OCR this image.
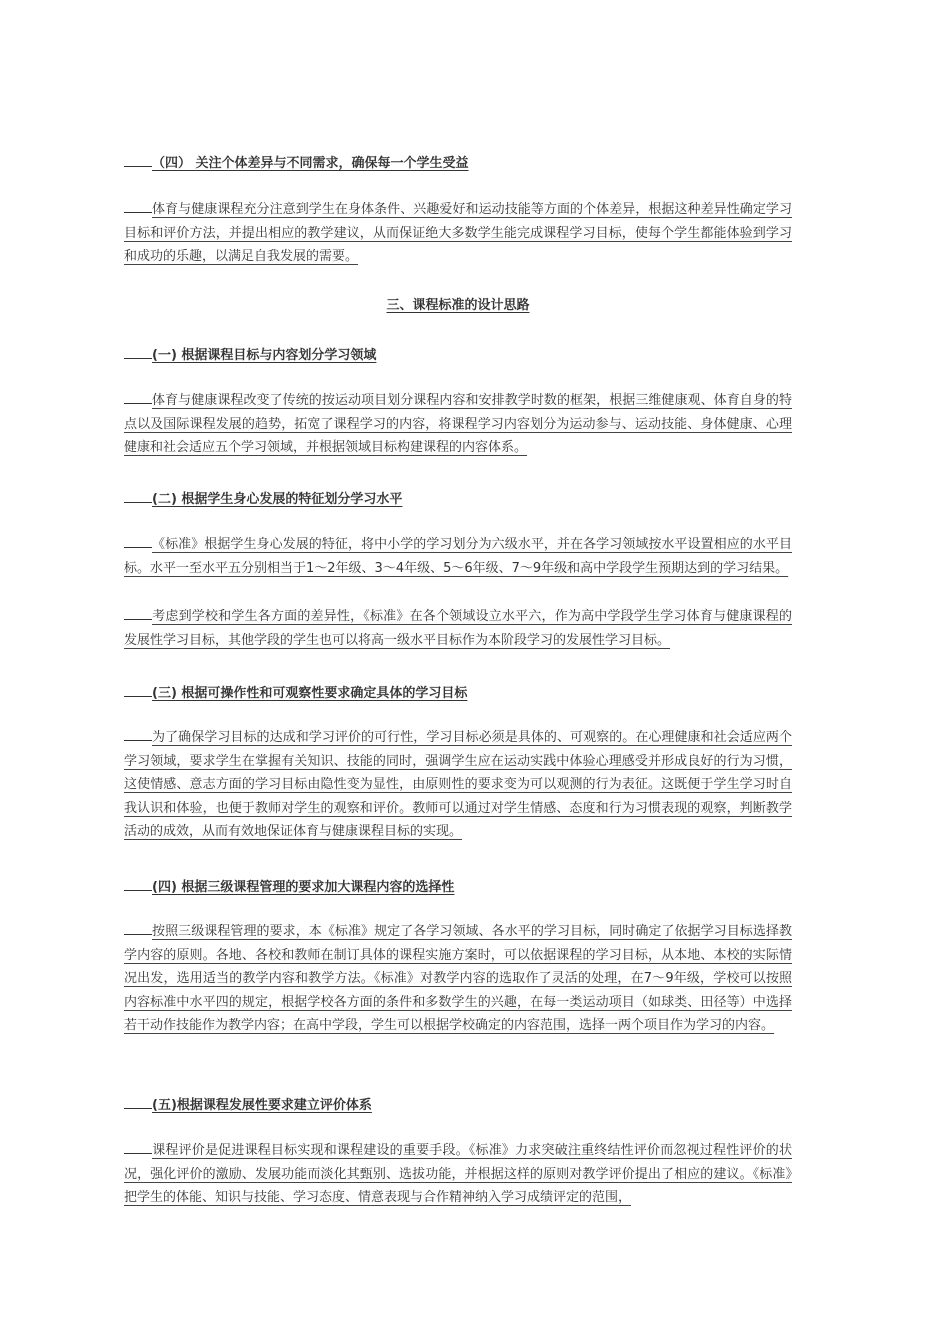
（四） 关注个体差异与不同需求，确保每一个学生受益
体育与健康课程充分注意到学生在身体条件、兴趣爱好和运动技能等方面的个体差异，根据这种差异性确定学习目标和评价方法，并提出相应的教学建议，从而保证绝大多数学生能完成课程学习目标，使每个学生都能体验到学习和成功的乐趣，以满足自我发展的需要。
三、课程标准的设计思路
(一) 根据课程目标与内容划分学习领域
体育与健康课程改变了传统的按运动项目划分课程内容和安排教学时数的框架，根据三维健康观、体育自身的特点以及国际课程发展的趋势，拓宽了课程学习的内容，将课程学习内容划分为运动参与、运动技能、身体健康、心理健康和社会适应五个学习领域，并根据领域目标构建课程的内容体系。
(二) 根据学生身心发展的特征划分学习水平
《标准》根据学生身心发展的特征，将中小学的学习划分为六级水平，并在各学习领域按水平设置相应的水平目标。水平一至水平五分别相当于1～2年级、3～4年级、5～6年级、7～9年级和高中学段学生预期达到的学习结果。
考虑到学校和学生各方面的差异性，《标准》在各个领域设立水平六，作为高中学段学生学习体育与健康课程的发展性学习目标，其他学段的学生也可以将高一级水平目标作为本阶段学习的发展性学习目标。
(三) 根据可操作性和可观察性要求确定具体的学习目标
为了确保学习目标的达成和学习评价的可行性，学习目标必须是具体的、可观察的。在心理健康和社会适应两个学习领域，要求学生在掌握有关知识、技能的同时，强调学生应在运动实践中体验心理感受并形成良好的行为习惯，这使情感、意志方面的学习目标由隐性变为显性，由原则性的要求变为可以观测的行为表征。这既便于学生学习时自我认识和体验，也便于教师对学生的观察和评价。教师可以通过对学生情感、态度和行为习惯表现的观察，判断教学活动的成效，从而有效地保证体育与健康课程目标的实现。
(四) 根据三级课程管理的要求加大课程内容的选择性
按照三级课程管理的要求，本《标准》规定了各学习领域、各水平的学习目标，同时确定了依据学习目标选择教学内容的原则。各地、各校和教师在制订具体的课程实施方案时，可以依据课程的学习目标，从本地、本校的实际情况出发，选用适当的教学内容和教学方法。《标准》对教学内容的选取作了灵活的处理，在7～9年级，学校可以按照内容标准中水平四的规定，根据学校各方面的条件和多数学生的兴趣，在每一类运动项目（如球类、田径等）中选择若干动作技能作为教学内容；在高中学段，学生可以根据学校确定的内容范围，选择一两个项目作为学习的内容。
(五)根据课程发展性要求建立评价体系
课程评价是促进课程目标实现和课程建设的重要手段。《标准》力求突破注重终结性评价而忽视过程性评价的状况，强化评价的激励、发展功能而淡化其甄别、选拔功能，并根据这样的原则对教学评价提出了相应的建议。《标准》把学生的体能、知识与技能、学习态度、情意表现与合作精神纳入学习成绩评定的范围，
